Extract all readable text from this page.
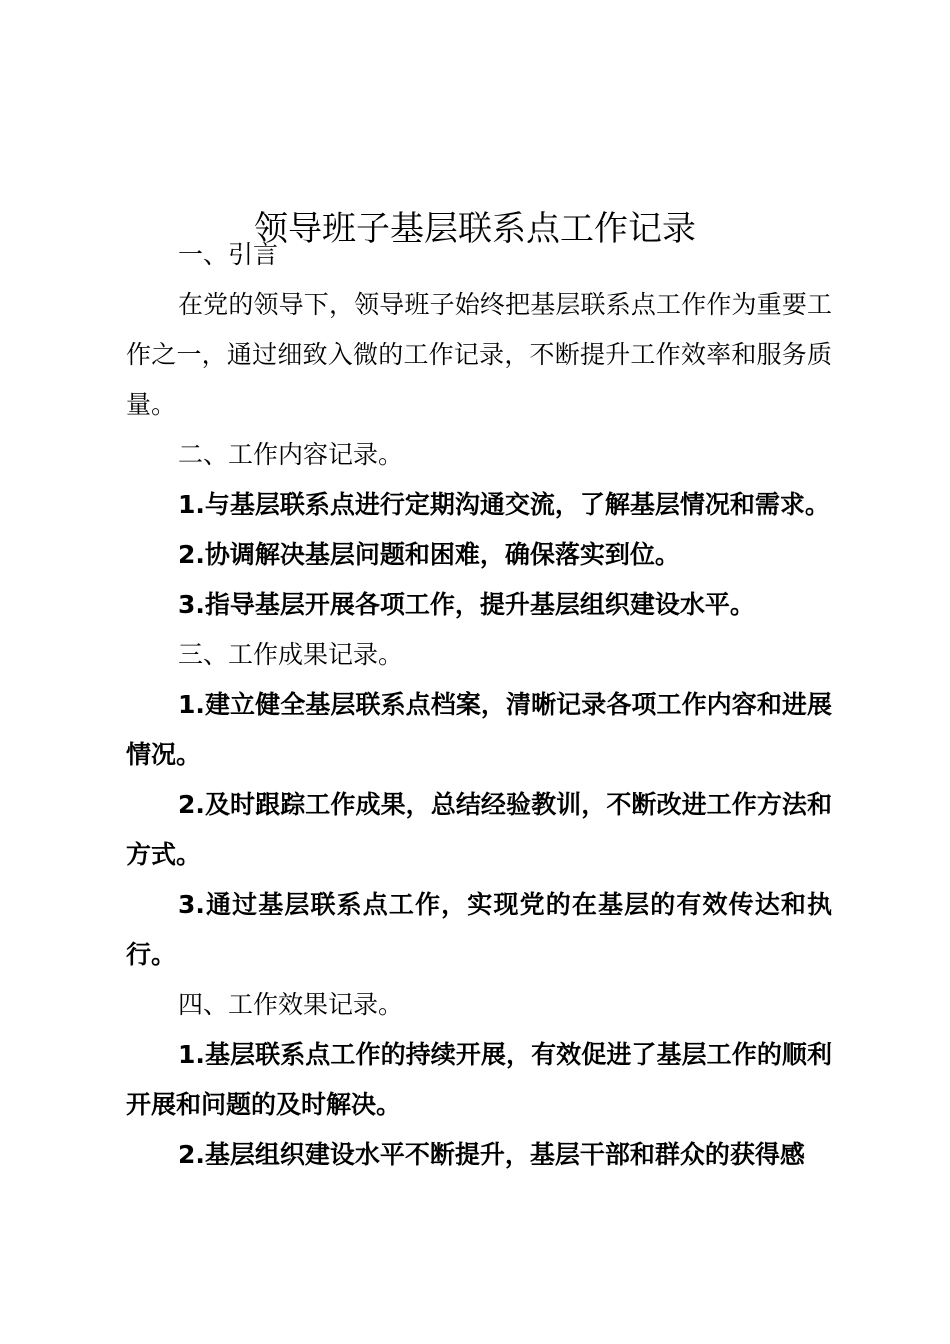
领导班子基层联系点工作记录

一、引言

在党的领导下，领导班子始终把基层联系点工作作为重要工作之一，通过细致入微的工作记录，不断提升工作效率和服务质量。

二、工作内容记录。

1.与基层联系点进行定期沟通交流，了解基层情况和需求。

2.协调解决基层问题和困难，确保落实到位。

3.指导基层开展各项工作，提升基层组织建设水平。

三、工作成果记录。

1.建立健全基层联系点档案，清晰记录各项工作内容和进展情况。

2.及时跟踪工作成果，总结经验教训，不断改进工作方法和方式。

3.通过基层联系点工作，实现党的在基层的有效传达和执行。

四、工作效果记录。

1.基层联系点工作的持续开展，有效促进了基层工作的顺利开展和问题的及时解决。

2.基层组织建设水平不断提升，基层干部和群众的获得感
